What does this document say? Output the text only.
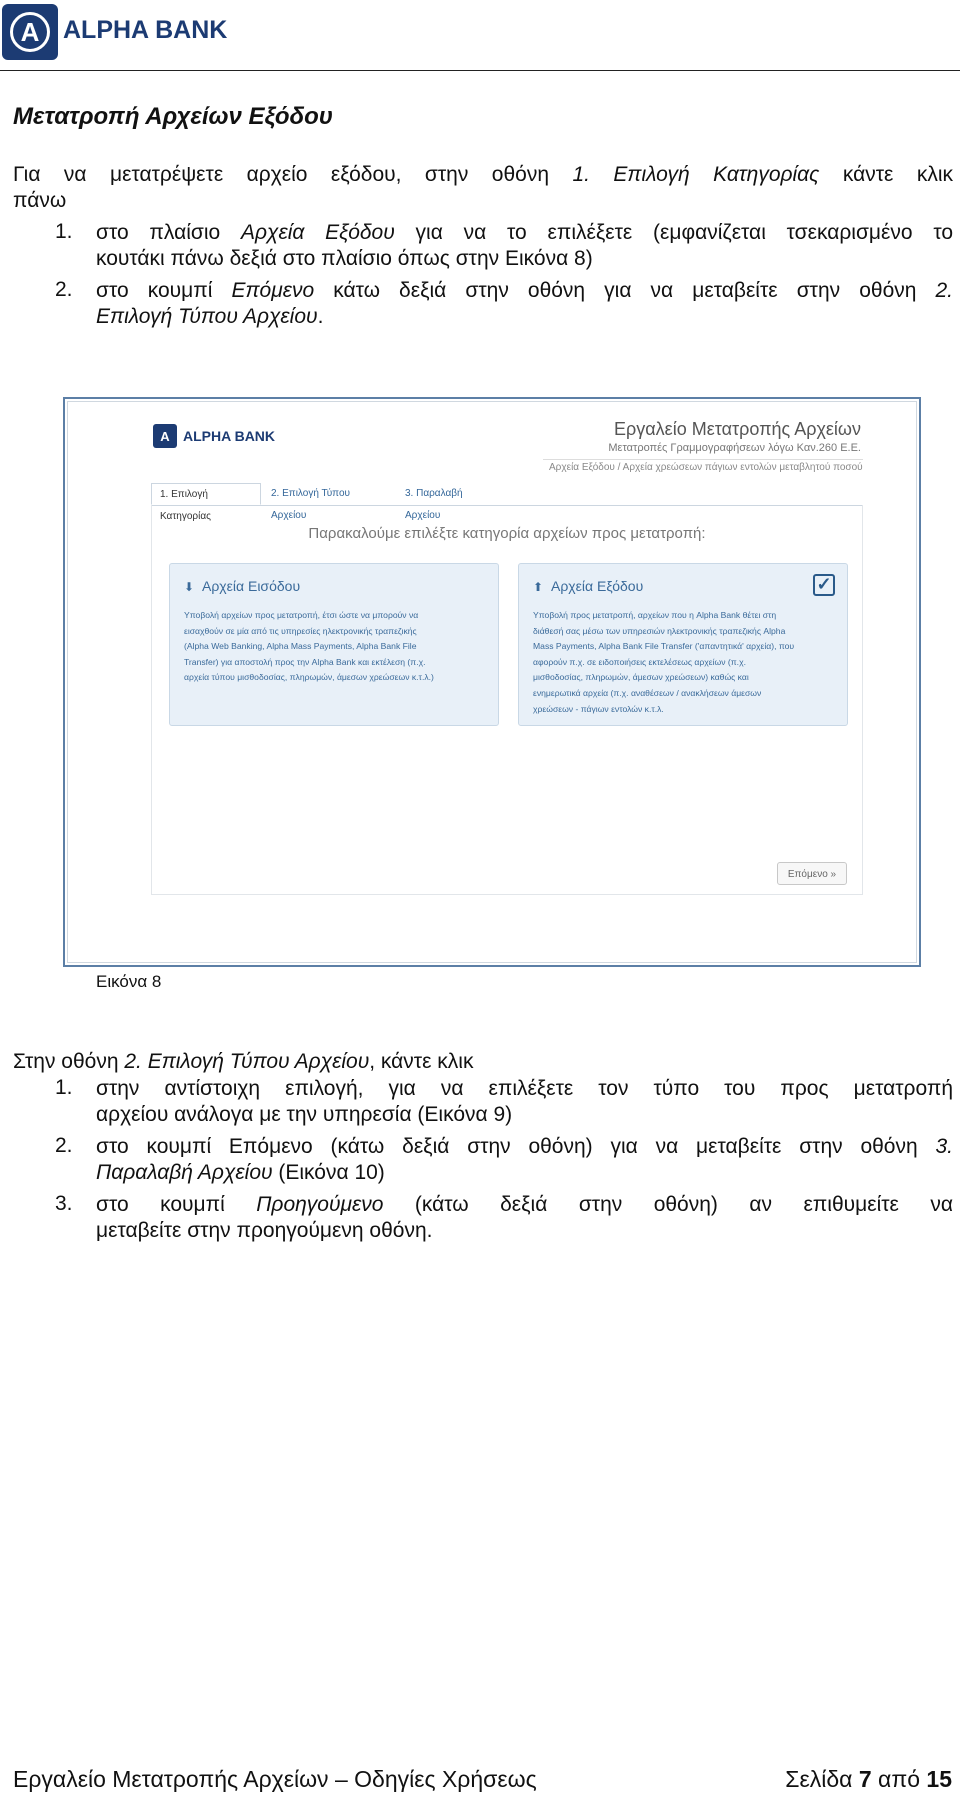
A ALPHA BANK
Μετατροπή Αρχείων Εξόδου
Για να μετατρέψετε αρχείο εξόδου, στην οθόνη 1. Επιλογή Κατηγορίας κάντε κλικ
πάνω
1. στο πλαίσιο Αρχεία Εξόδου για να το επιλέξετε (εμφανίζεται τσεκαρισμένο το
κουτάκι πάνω δεξιά στο πλαίσιο όπως στην Εικόνα 8)
2. στο κουμπί Επόμενο κάτω δεξιά στην οθόνη για να μεταβείτε στην οθόνη 2.
Επιλογή Τύπου Αρχείου.
A ALPHA BANK	Εργαλείο Μετατροπής Αρχείων
Μετατροπές Γραμμογραφήσεων λόγω Καν.260 Ε.Ε.
Αρχεία Εξόδου / Αρχεία χρεώσεων πάγιων εντολών μεταβλητού ποσού
1. Επιλογή Κατηγορίας
2. Επιλογή Τύπου Αρχείου
3. Παραλαβή Αρχείου
Παρακαλούμε επιλέξτε κατηγορία αρχείων προς μετατροπή:
⬇ Αρχεία Εισόδου
Υποβολή αρχείων προς μετατροπή, έτσι ώστε να μπορούν να
εισαχθούν σε μία από τις υπηρεσίες ηλεκτρονικής τραπεζικής
(Alpha Web Banking, Alpha Mass Payments, Alpha Bank File
Transfer) για αποστολή προς την Alpha Bank και εκτέλεση (π.χ.
αρχεία τύπου μισθοδοσίας, πληρωμών, άμεσων χρεώσεων κ.τ.λ.)
⬆ Αρχεία Εξόδου	✓
Υποβολή προς μετατροπή, αρχείων που η Alpha Bank θέτει στη
διάθεσή σας μέσω των υπηρεσιών ηλεκτρονικής τραπεζικής Alpha
Mass Payments, Alpha Bank File Transfer ('απαντητικά' αρχεία), που
αφορούν π.χ. σε ειδοποιήσεις εκτελέσεως αρχείων (π.χ.
μισθοδοσίας, πληρωμών, άμεσων χρεώσεων) καθώς και
ενημερωτικά αρχεία (π.χ. αναθέσεων / ανακλήσεων άμεσων
χρεώσεων - πάγιων εντολών κ.τ.λ.
Επόμενο »
Εικόνα 8
Στην οθόνη 2. Επιλογή Τύπου Αρχείου, κάντε κλικ
1. στην αντίστοιχη επιλογή, για να επιλέξετε τον τύπο του προς μετατροπή
αρχείου ανάλογα με την υπηρεσία (Εικόνα 9)
2. στο κουμπί Επόμενο (κάτω δεξιά στην οθόνη) για να μεταβείτε στην οθόνη 3.
Παραλαβή Αρχείου (Εικόνα 10)
3. στο κουμπί Προηγούμενο (κάτω δεξιά στην οθόνη) αν επιθυμείτε να
μεταβείτε στην προηγούμενη οθόνη.
Εργαλείο Μετατροπής Αρχείων – Οδηγίες Χρήσεως	Σελίδα 7 από 15
